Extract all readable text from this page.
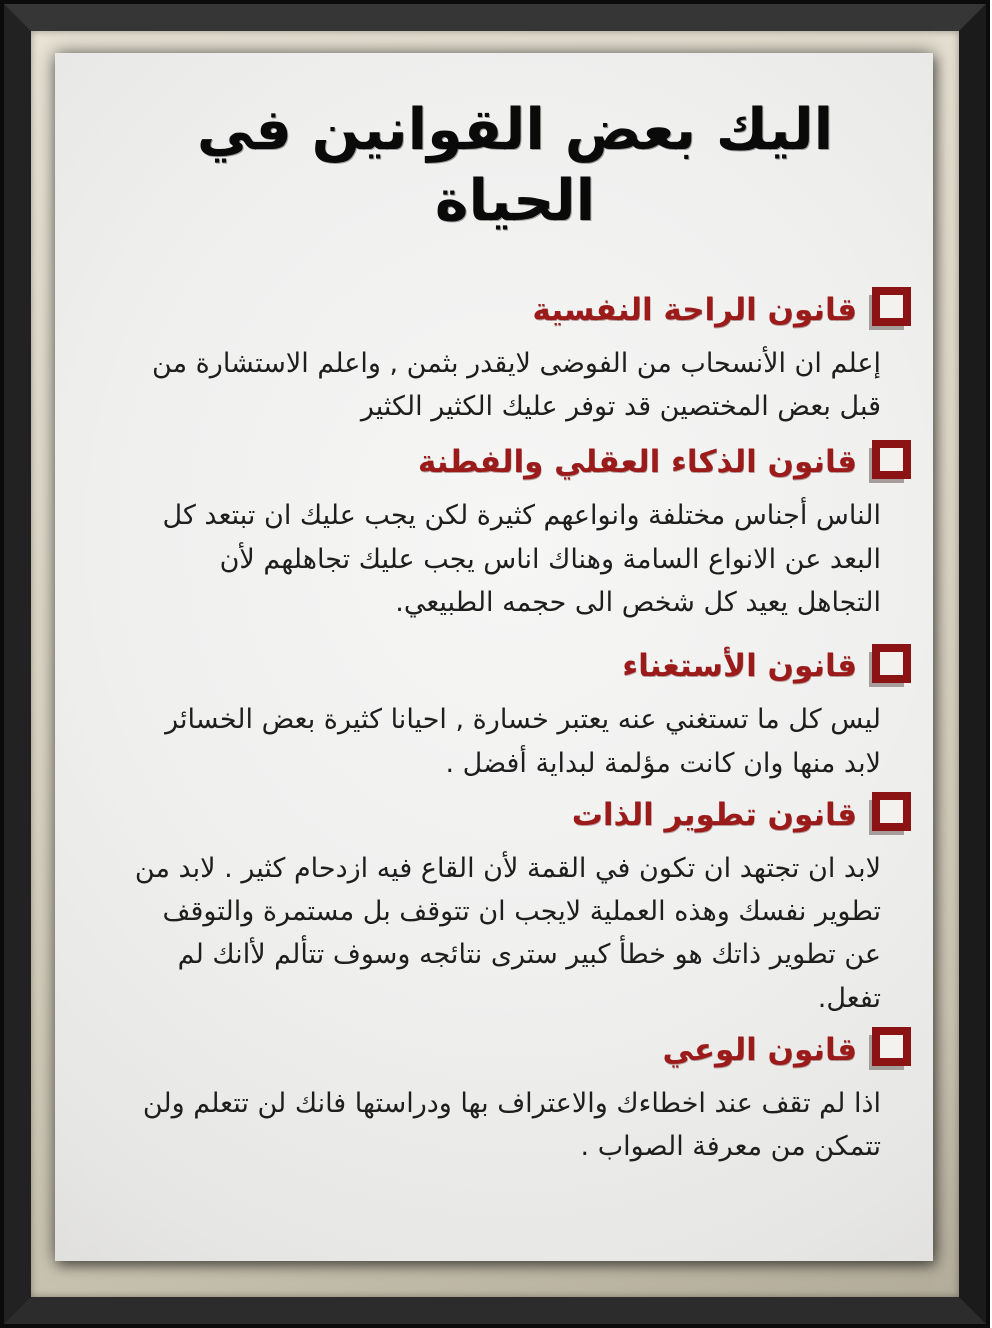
اليك بعض القوانين في الحياة
قانون الراحة النفسية

إعلم ان الأنسحاب من الفوضى لايقدر بثمن , واعلم الاستشارة من قبل بعض المختصين قد توفر عليك الكثير الكثير

قانون الذكاء العقلي والفطنة

الناس أجناس مختلفة وانواعهم كثيرة لكن يجب عليك ان تبتعد كل البعد عن الانواع السامة وهناك اناس يجب عليك تجاهلهم لأن التجاهل يعيد كل شخص الى حجمه الطبيعي.

قانون الأستغناء

ليس كل ما تستغني عنه يعتبر خسارة , احيانا كثيرة بعض الخسائر لابد منها وان كانت مؤلمة لبداية أفضل .

قانون تطوير الذات

لابد ان تجتهد ان تكون في القمة لأن القاع فيه ازدحام كثير . لابد من تطوير نفسك وهذه العملية لايجب ان تتوقف بل مستمرة والتوقف عن تطوير ذاتك هو خطأ كبير سترى نتائجه وسوف تتألم لأانك لم تفعل.

قانون الوعي

اذا لم تقف عند اخطاءك والاعتراف بها ودراستها فانك لن تتعلم ولن تتمكن من معرفة الصواب .
